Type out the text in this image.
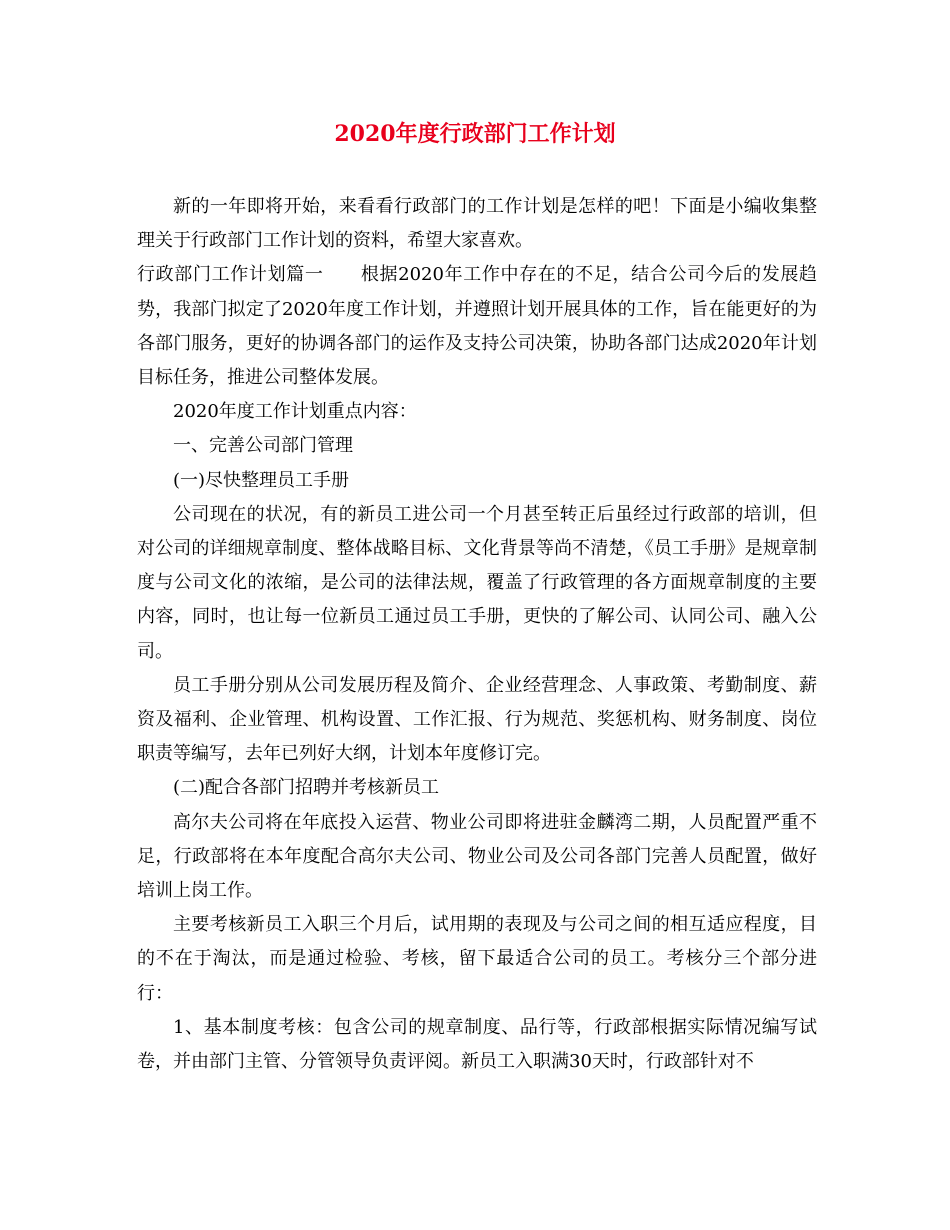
2020年度行政部门工作计划

新的一年即将开始，来看看行政部门的工作计划是怎样的吧！下面是小编收集整理关于行政部门工作计划的资料，希望大家喜欢。

行政部门工作计划篇一　　根据2020年工作中存在的不足，结合公司今后的发展趋势，我部门拟定了2020年度工作计划，并遵照计划开展具体的工作，旨在能更好的为各部门服务，更好的协调各部门的运作及支持公司决策，协助各部门达成2020年计划目标任务，推进公司整体发展。

2020年度工作计划重点内容：

一、完善公司部门管理

(一)尽快整理员工手册

公司现在的状况，有的新员工进公司一个月甚至转正后虽经过行政部的培训，但对公司的详细规章制度、整体战略目标、文化背景等尚不清楚，《员工手册》是规章制度与公司文化的浓缩，是公司的法律法规，覆盖了行政管理的各方面规章制度的主要内容，同时，也让每一位新员工通过员工手册，更快的了解公司、认同公司、融入公司。

员工手册分别从公司发展历程及简介、企业经营理念、人事政策、考勤制度、薪资及福利、企业管理、机构设置、工作汇报、行为规范、奖惩机构、财务制度、岗位职责等编写，去年已列好大纲，计划本年度修订完。

(二)配合各部门招聘并考核新员工

高尔夫公司将在年底投入运营、物业公司即将进驻金麟湾二期，人员配置严重不足，行政部将在本年度配合高尔夫公司、物业公司及公司各部门完善人员配置，做好培训上岗工作。

主要考核新员工入职三个月后，试用期的表现及与公司之间的相互适应程度，目的不在于淘汰，而是通过检验、考核，留下最适合公司的员工。考核分三个部分进行：

1、基本制度考核：包含公司的规章制度、品行等，行政部根据实际情况编写试卷，并由部门主管、分管领导负责评阅。新员工入职满30天时，行政部针对不
